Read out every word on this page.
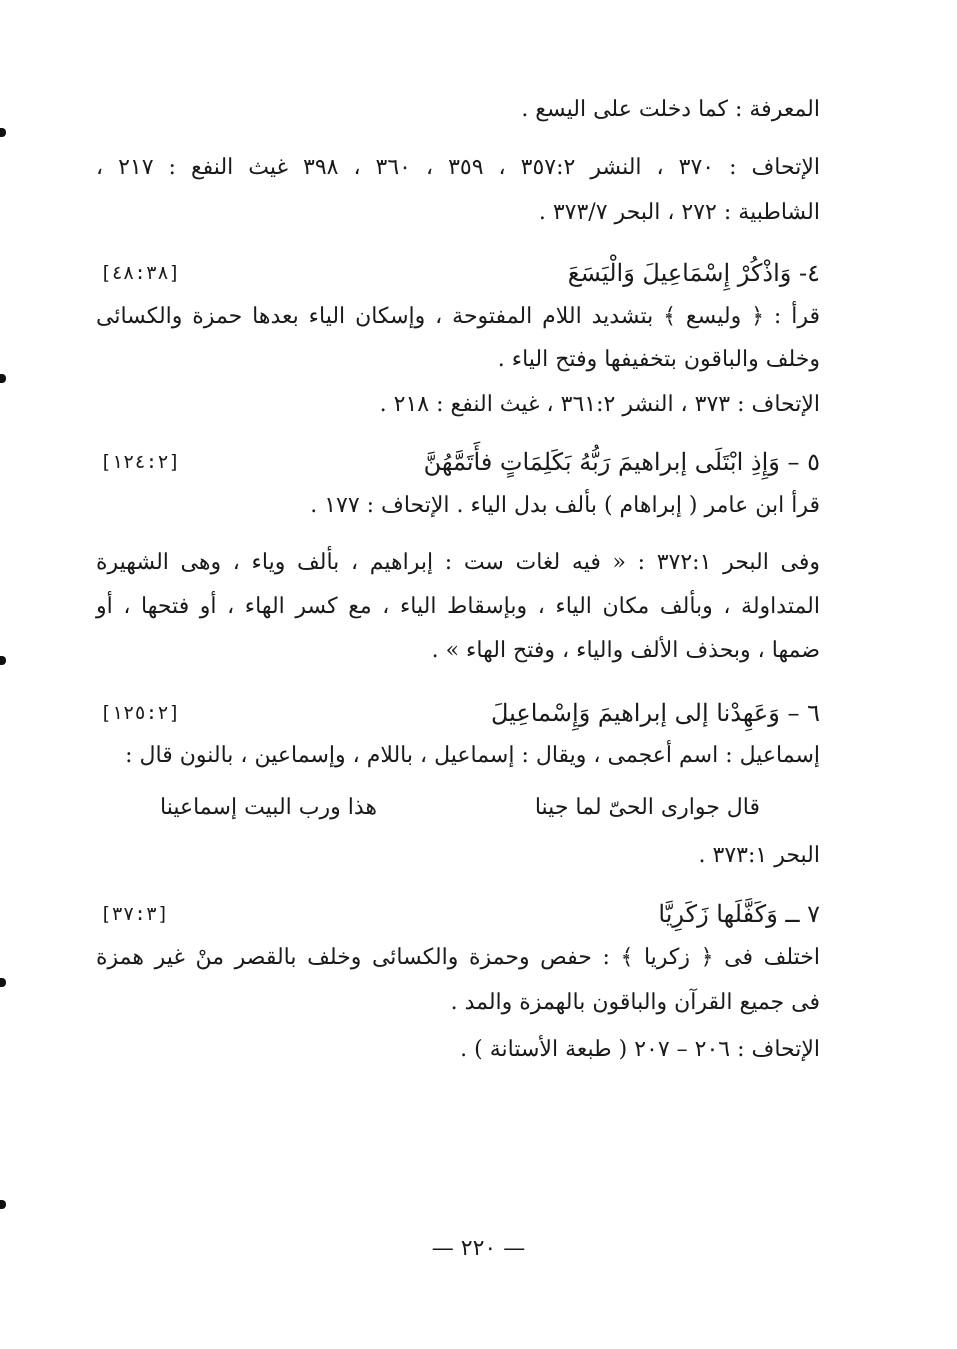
المعرفة : كما دخلت على اليسع .
الإتحاف : ٣٧٠ ، النشر ٣٥٧:٢ ، ٣٥٩ ، ٣٦٠ ، ٣٩٨ غيث النفع : ٢١٧ ،
الشاطبية : ٢٧٢ ، البحر ٣٧٣/٧ .
٤- وَاذْكُرْ إِسْمَاعِيلَ وَالْيَسَعَ
[٤٨:٣٨]
قرأ : ﴿ وليسع ﴾ بتشديد اللام المفتوحة ، وإسكان الياء بعدها حمزة والكسائى
وخلف والباقون بتخفيفها وفتح الياء .
الإتحاف : ٣٧٣ ، النشر ٣٦١:٢ ، غيث النفع : ٢١٨ .
٥ – وَإِذِ ابْتَلَى إبراهيمَ رَبُّهُ بَكَلِمَاتٍ فأَتَمَّهُنَّ
[١٢٤:٢]
قرأ ابن عامر ( إبراهام ) بألف بدل الياء . الإتحاف : ١٧٧ .
وفى البحر ٣٧٢:١ : « فيه لغات ست : إبراهيم ، بألف وياء ، وهى الشهيرة
المتداولة ، وبألف مكان الياء ، وبإسقاط الياء ، مع كسر الهاء ، أو فتحها ، أو
ضمها ، وبحذف الألف والياء ، وفتح الهاء » .
٦ – وَعَهِدْنا إلى إبراهيمَ وَإِسْماعِيلَ
[١٢٥:٢]
إسماعيل : اسم أعجمى ، ويقال : إسماعيل ، باللام ، وإسماعين ، بالنون قال :
قال جوارى الحىّ لما جينا
هذا ورب البيت إسماعينا
البحر ٣٧٣:١ .
٧ ــ وَكَفَّلَها زَكَرِيَّا
[٣٧:٣]
اختلف فى ﴿ زكريا ﴾ : حفص وحمزة والكسائى وخلف بالقصر منْ غير همزة
فى جميع القرآن والباقون بالهمزة والمد .
الإتحاف : ٢٠٦ – ٢٠٧ ( طبعة الأستانة ) .
— ٢٢٠ —
